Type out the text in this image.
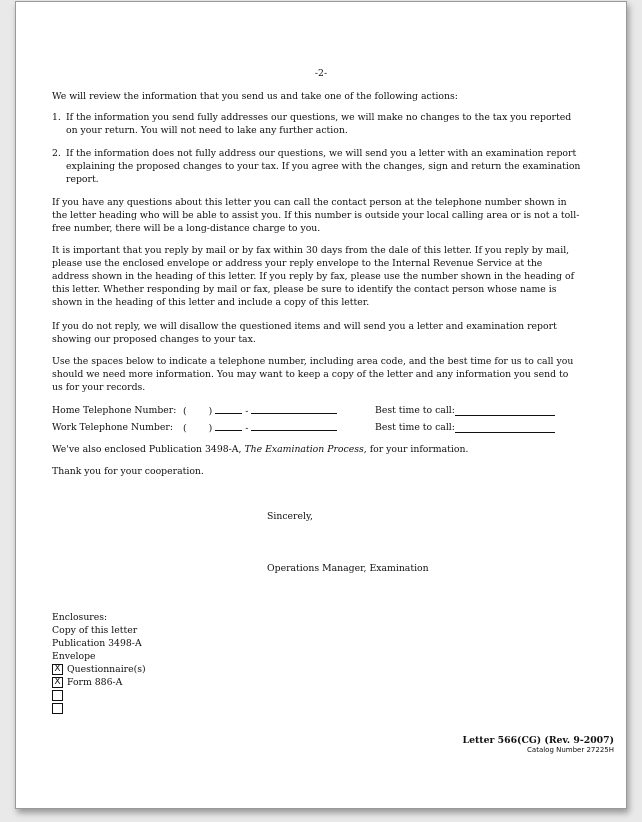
-2-

We will review the information that you send us and take one of the following actions:

1. If the information you send fully addresses our questions, we will make no changes to the tax you reported on your return. You will not need to lake any further action.
2. If the information does not fully address our questions, we will send you a letter with an examination report explaining the proposed changes to your tax. If you agree with the changes, sign and return the examination report.

If you have any questions about this letter you can call the contact person at the telephone number shown in the letter heading who will be able to assist you. If this number is outside your local calling area or is not a toll-free number, there will be a long-distance charge to you.

It is important that you reply by mail or by fax within 30 days from the dale of this letter. If you reply by mail, please use the enclosed envelope or address your reply envelope to the Internal Revenue Service at the address shown in the heading of this letter. If you reply by fax, please use the number shown in the heading of this letter. Whether responding by mail or fax, please be sure to identify the contact person whose name is shown in the heading of this letter and include a copy of this letter.

If you do not reply, we will disallow the questioned items and will send you a letter and examination report showing our proposed changes to your tax.

Use the spaces below to indicate a telephone number, including area code, and the best time for us to call you should we need more information. You may want to keep a copy of the letter and any information you send to us for your records.

Home Telephone Number: ( )	-	Best time to call:
Work Telephone Number: ( )	-	Best time to call:

We've also enclosed Publication 3498-A, The Examination Process, for your information.

Thank you for your cooperation.

Sincerely,
Operations Manager, Examination
Enclosures:
Copy of this letter
Publication 3498-A
Envelope
X Questionnaire(s)
X Form 886-A
Letter 566(CG) (Rev. 9-2007)
Catalog Number 27225H
